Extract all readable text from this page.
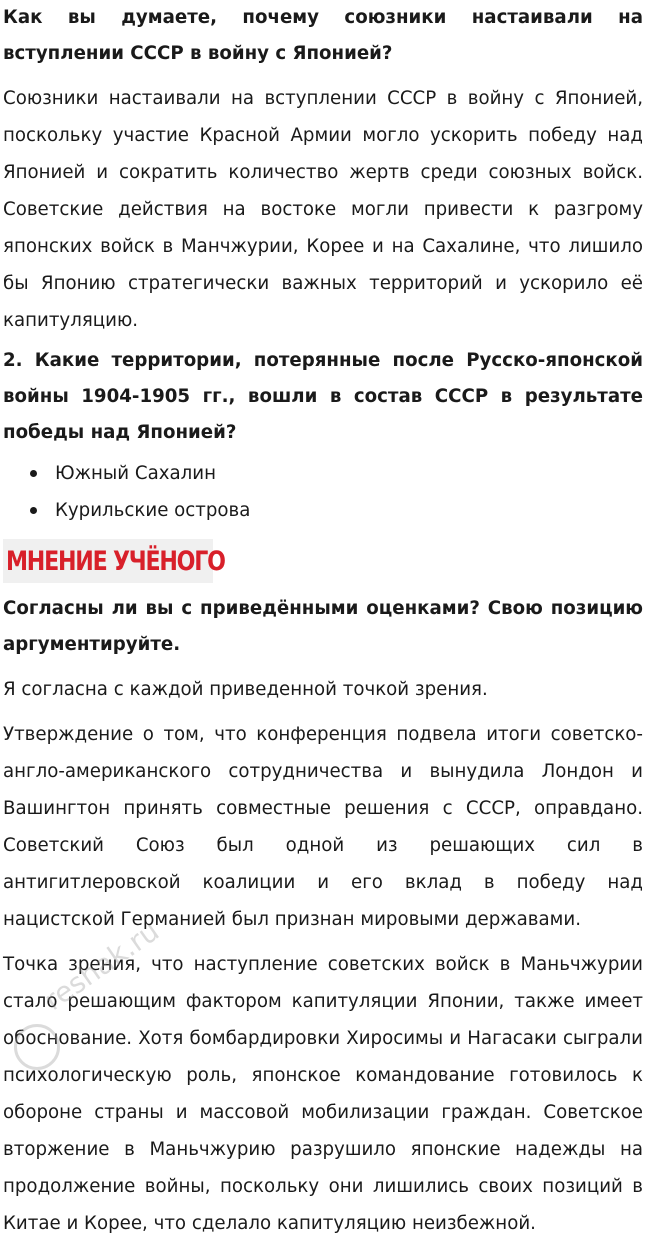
Как вы думаете, почему союзники настаивали на вступлении СССР в войну с Японией?

Союзники настаивали на вступлении СССР в войну с Японией, поскольку участие Красной Армии могло ускорить победу над Японией и сократить количество жертв среди союзных войск. Советские действия на востоке могли привести к разгрому японских войск в Манчжурии, Корее и на Сахалине, что лишило бы Японию стратегически важных территорий и ускорило её капитуляцию.

2. Какие территории, потерянные после Русско-японской войны 1904-1905 гг., вошли в состав СССР в результате победы над Японией?

Южный Сахалин
Курильские острова
МНЕНИЕ УЧЁНОГО

Согласны ли вы с приведёнными оценками? Свою позицию аргументируйте.

Я согласна с каждой приведенной точкой зрения.

Утверждение о том, что конференция подвела итоги советско-англо-американского сотрудничества и вынудила Лондон и Вашингтон принять совместные решения с СССР, оправдано. Советский Союз был одной из решающих сил в антигитлеровской коалиции и его вклад в победу над нацистской Германией был признан мировыми державами.

Точка зрения, что наступление советских войск в Маньчжурии стало решающим фактором капитуляции Японии, также имеет обоснование. Хотя бомбардировки Хиросимы и Нагасаки сыграли психологическую роль, японское командование готовилось к обороне страны и массовой мобилизации граждан. Советское вторжение в Маньчжурию разрушило японские надежды на продолжение войны, поскольку они лишились своих позиций в Китае и Корее, что сделало капитуляцию неизбежной.

reshak.ru
